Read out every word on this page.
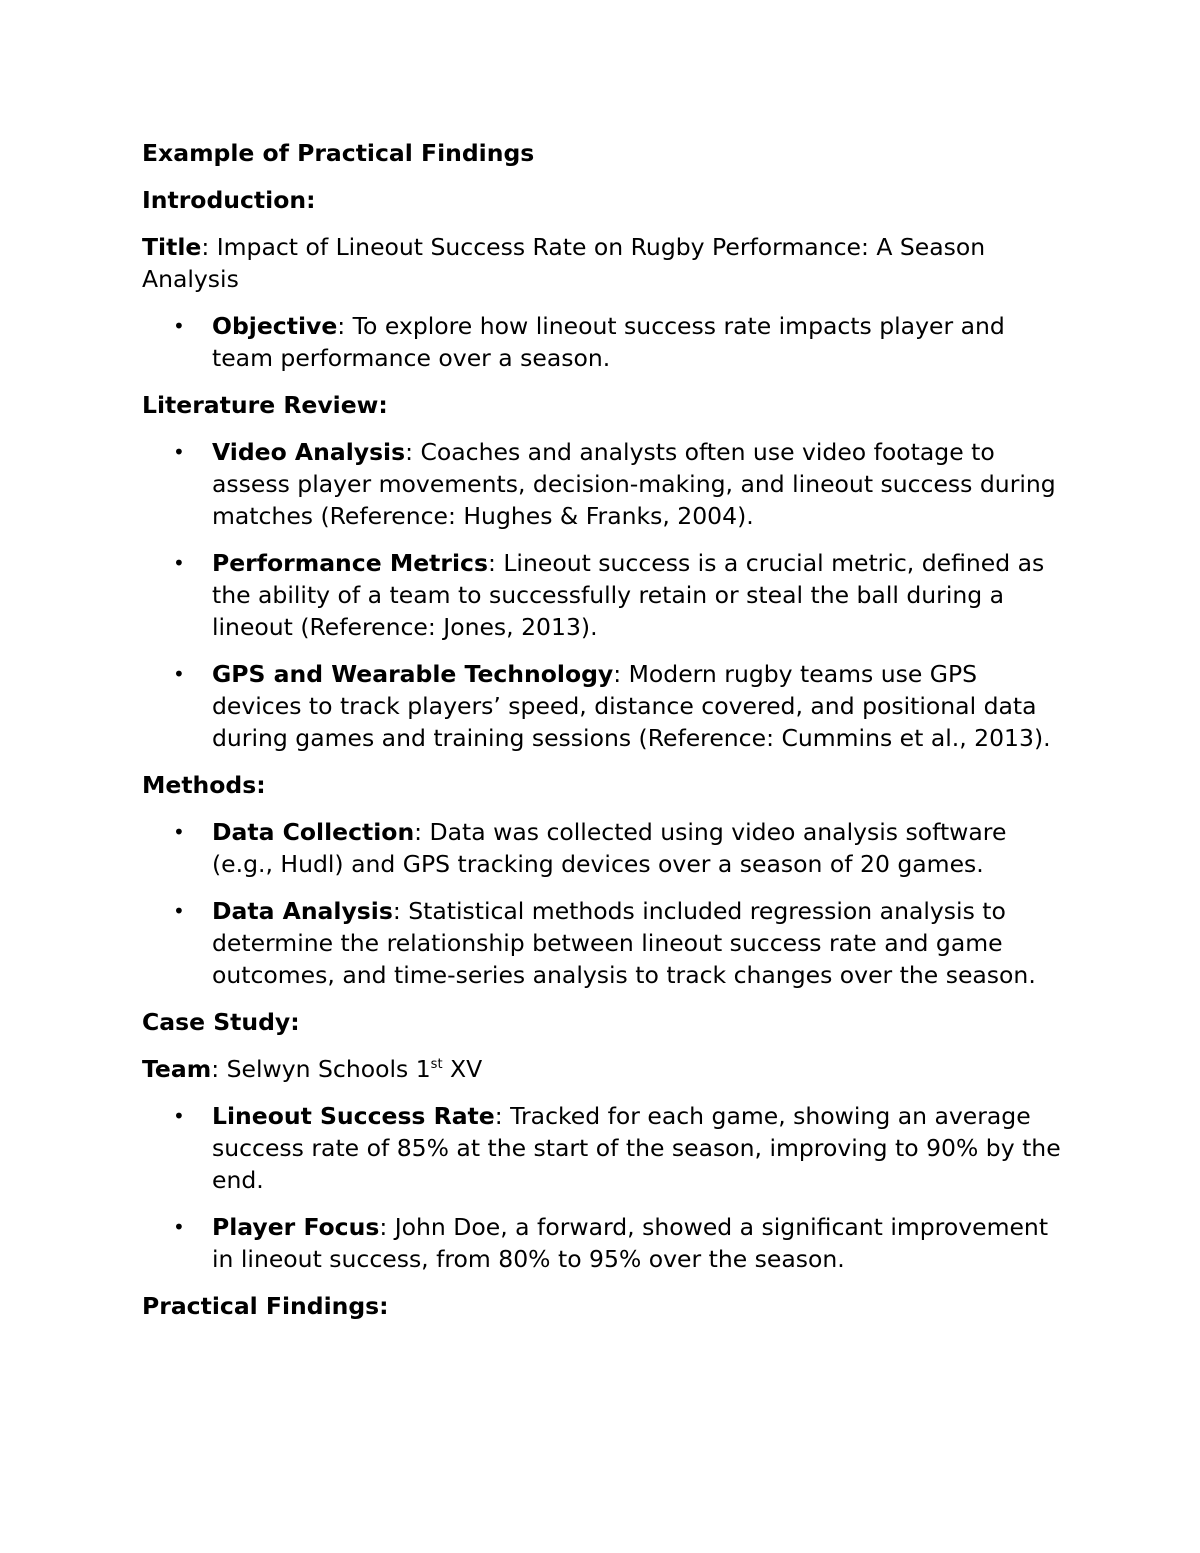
Example of Practical Findings

Introduction:

Title: Impact of Lineout Success Rate on Rugby Performance: A Season Analysis

• Objective: To explore how lineout success rate impacts player and team performance over a season.

Literature Review:

• Video Analysis: Coaches and analysts often use video footage to assess player movements, decision-making, and lineout success during matches (Reference: Hughes & Franks, 2004).
• Performance Metrics: Lineout success is a crucial metric, defined as the ability of a team to successfully retain or steal the ball during a lineout (Reference: Jones, 2013).
• GPS and Wearable Technology: Modern rugby teams use GPS devices to track players’ speed, distance covered, and positional data during games and training sessions (Reference: Cummins et al., 2013).

Methods:

• Data Collection: Data was collected using video analysis software (e.g., Hudl) and GPS tracking devices over a season of 20 games.
• Data Analysis: Statistical methods included regression analysis to determine the relationship between lineout success rate and game outcomes, and time-series analysis to track changes over the season.

Case Study:

Team: Selwyn Schools 1st XV

• Lineout Success Rate: Tracked for each game, showing an average success rate of 85% at the start of the season, improving to 90% by the end.
• Player Focus: John Doe, a forward, showed a significant improvement in lineout success, from 80% to 95% over the season.

Practical Findings:
